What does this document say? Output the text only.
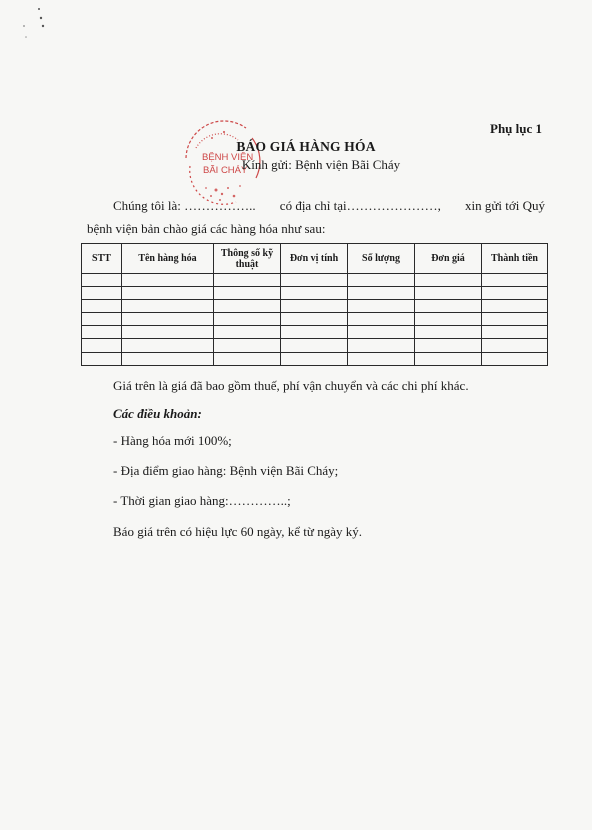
Phụ lục 1
BỆNH VIỆN
BÃI CHÁY
BÁO GIÁ HÀNG HÓA
Kính gửi: Bệnh viện Bãi Cháy
Chúng tôi là: …………….. có địa chỉ tại…………………, xin gửi tới Quý
bệnh viện bản chào giá các hàng hóa như sau:
STT	Tên hàng hóa	Thông số kỹ thuật	Đơn vị tính	Số lượng	Đơn giá	Thành tiền

Giá trên là giá đã bao gồm thuế, phí vận chuyển và các chi phí khác.
Các điều khoản:
- Hàng hóa mới 100%;
- Địa điểm giao hàng: Bệnh viện Bãi Cháy;
- Thời gian giao hàng:…………..;
Báo giá trên có hiệu lực 60 ngày, kể từ ngày ký.
